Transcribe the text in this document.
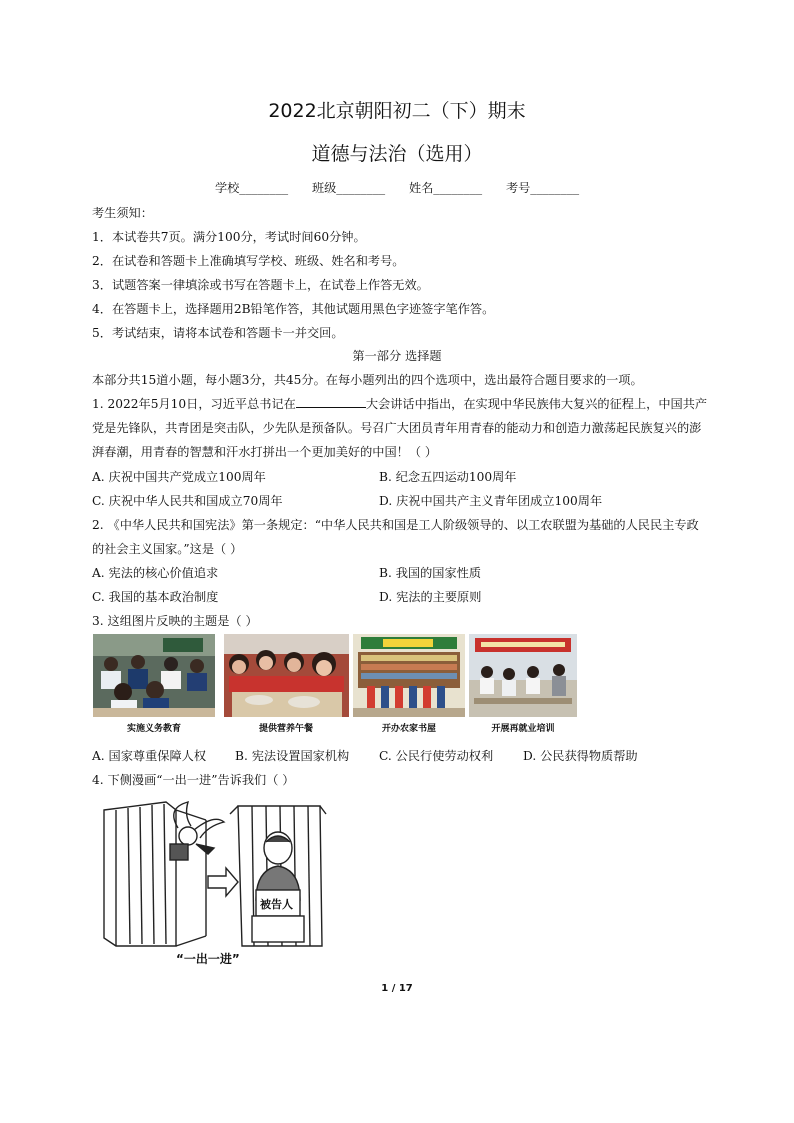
2022北京朝阳初二（下）期末
道德与法治（选用）
学校________ 班级________ 姓名________ 考号________
考生须知：
1．本试卷共7页。满分100分，考试时间60分钟。
2．在试卷和答题卡上准确填写学校、班级、姓名和考号。
3．试题答案一律填涂或书写在答题卡上，在试卷上作答无效。
4．在答题卡上，选择题用2B铅笔作答，其他试题用黑色字迹签字笔作答。
5．考试结束，请将本试卷和答题卡一并交回。
第一部分 选择题
本部分共15道小题，每小题3分，共45分。在每小题列出的四个选项中，选出最符合题目要求的一项。
1. 2022年5月10日，习近平总书记在	大会讲话中指出，在实现中华民族伟大复兴的征程上，中国共产
党是先锋队，共青团是突击队，少先队是预备队。号召广大团员青年用青春的能动力和创造力激荡起民族复兴的澎
湃春潮，用青春的智慧和汗水打拼出一个更加美好的中国！（ ）
A. 庆祝中国共产党成立100周年	B. 纪念五四运动100周年
C. 庆祝中华人民共和国成立70周年	D. 庆祝中国共产主义青年团成立100周年
2. 《中华人民共和国宪法》第一条规定：“中华人民共和国是工人阶级领导的、以工农联盟为基础的人民民主专政
的社会主义国家。”这是（ ）
A. 宪法的核心价值追求	B. 我国的国家性质
C. 我国的基本政治制度	D. 宪法的主要原则
3. 这组图片反映的主题是（ ）
实施义务教育	提供营养午餐	开办农家书屋	开展再就业培训
A. 国家尊重保障人权 B. 宪法设置国家机构 C. 公民行使劳动权利 D. 公民获得物质帮助
4. 下侧漫画“一出一进”告诉我们（ ）
被告人
“一出一进”
1 / 17
